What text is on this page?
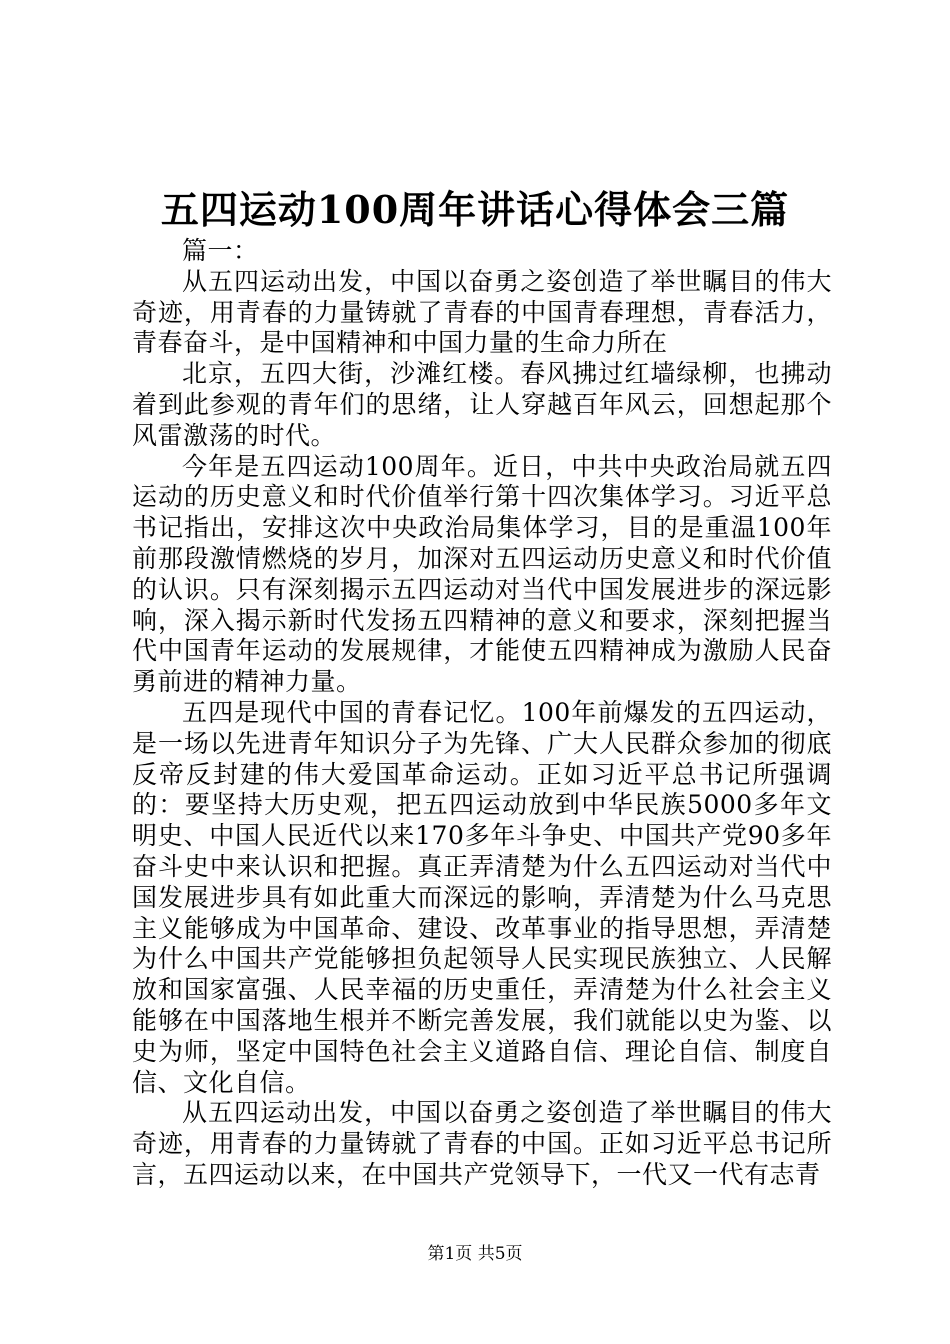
五四运动100周年讲话心得体会三篇

篇一：

从五四运动出发，中国以奋勇之姿创造了举世瞩目的伟大奇迹，用青春的力量铸就了青春的中国青春理想，青春活力，青春奋斗，是中国精神和中国力量的生命力所在

北京，五四大街，沙滩红楼。春风拂过红墙绿柳，也拂动着到此参观的青年们的思绪，让人穿越百年风云，回想起那个风雷激荡的时代。

今年是五四运动100周年。近日，中共中央政治局就五四运动的历史意义和时代价值举行第十四次集体学习。习近平总书记指出，安排这次中央政治局集体学习，目的是重温100年前那段激情燃烧的岁月，加深对五四运动历史意义和时代价值的认识。只有深刻揭示五四运动对当代中国发展进步的深远影响，深入揭示新时代发扬五四精神的意义和要求，深刻把握当代中国青年运动的发展规律，才能使五四精神成为激励人民奋勇前进的精神力量。

五四是现代中国的青春记忆。100年前爆发的五四运动，是一场以先进青年知识分子为先锋、广大人民群众参加的彻底反帝反封建的伟大爱国革命运动。正如习近平总书记所强调的：要坚持大历史观，把五四运动放到中华民族5000多年文明史、中国人民近代以来170多年斗争史、中国共产党90多年奋斗史中来认识和把握。真正弄清楚为什么五四运动对当代中国发展进步具有如此重大而深远的影响，弄清楚为什么马克思主义能够成为中国革命、建设、改革事业的指导思想，弄清楚为什么中国共产党能够担负起领导人民实现民族独立、人民解放和国家富强、人民幸福的历史重任，弄清楚为什么社会主义能够在中国落地生根并不断完善发展，我们就能以史为鉴、以史为师，坚定中国特色社会主义道路自信、理论自信、制度自信、文化自信。

从五四运动出发，中国以奋勇之姿创造了举世瞩目的伟大奇迹，用青春的力量铸就了青春的中国。正如习近平总书记所言，五四运动以来，在中国共产党领导下，一代又一代有志青

第1页 共5页
